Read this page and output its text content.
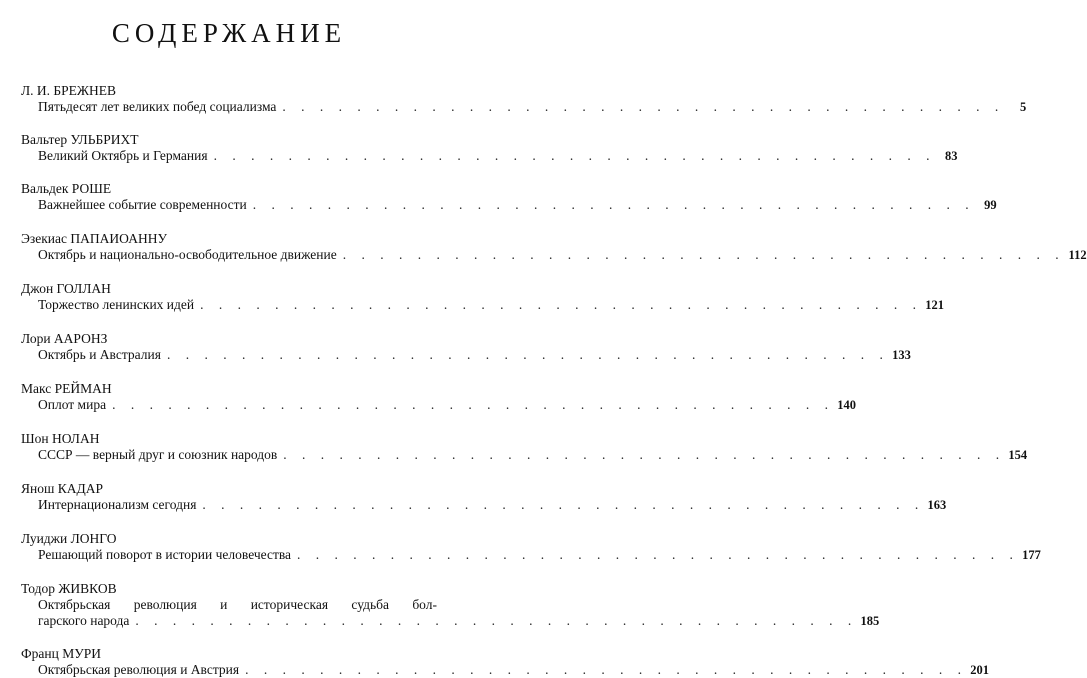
СОДЕРЖАНИЕ
Л. И. БРЕЖНЕВ
Пятьдесят лет великих побед социализма . . . . . . . . . . . . . . . . . . . . . . . . . . . . . . . . . . . . . . .	5
Вальтер УЛЬБРИХТ
Великий Октябрь и Германия . . . . . . . . . . . . . . . . . . . . . . . . . . . . . . . . . . . . . . . 83
Вальдек РОШЕ
Важнейшее событие современности . . . . . . . . . . . . . . . . . . . . . . . . . . . . . . . . . . . . . . . 99
Эзекиас ПАПАИОАННУ
Октябрь и национально-освободительное движение . . . . . . . . . . . . . . . . . . . . . . . . . . . . . . . . . . . . . . . 112
Джон ГОЛЛАН
Торжество ленинских идей . . . . . . . . . . . . . . . . . . . . . . . . . . . . . . . . . . . . . . . 121
Лори ААРОНЗ
Октябрь и Австралия . . . . . . . . . . . . . . . . . . . . . . . . . . . . . . . . . . . . . . . 133
Макс РЕЙМАН
Оплот мира . . . . . . . . . . . . . . . . . . . . . . . . . . . . . . . . . . . . . . . 140
Шон НОЛАН
СССР — верный друг и союзник народов . . . . . . . . . . . . . . . . . . . . . . . . . . . . . . . . . . . . . . . 154
Янош КАДАР
Интернационализм сегодня . . . . . . . . . . . . . . . . . . . . . . . . . . . . . . . . . . . . . . . 163
Луиджи ЛОНГО
Решающий поворот в истории человечества . . . . . . . . . . . . . . . . . . . . . . . . . . . . . . . . . . . . . . . 177
Тодор ЖИВКОВ
Октябрьская революция и историческая судьба бол-
гарского народа . . . . . . . . . . . . . . . . . . . . . . . . . . . . . . . . . . . . . . . 185
Франц МУРИ
Октябрьская революция и Австрия . . . . . . . . . . . . . . . . . . . . . . . . . . . . . . . . . . . . . . . 201
